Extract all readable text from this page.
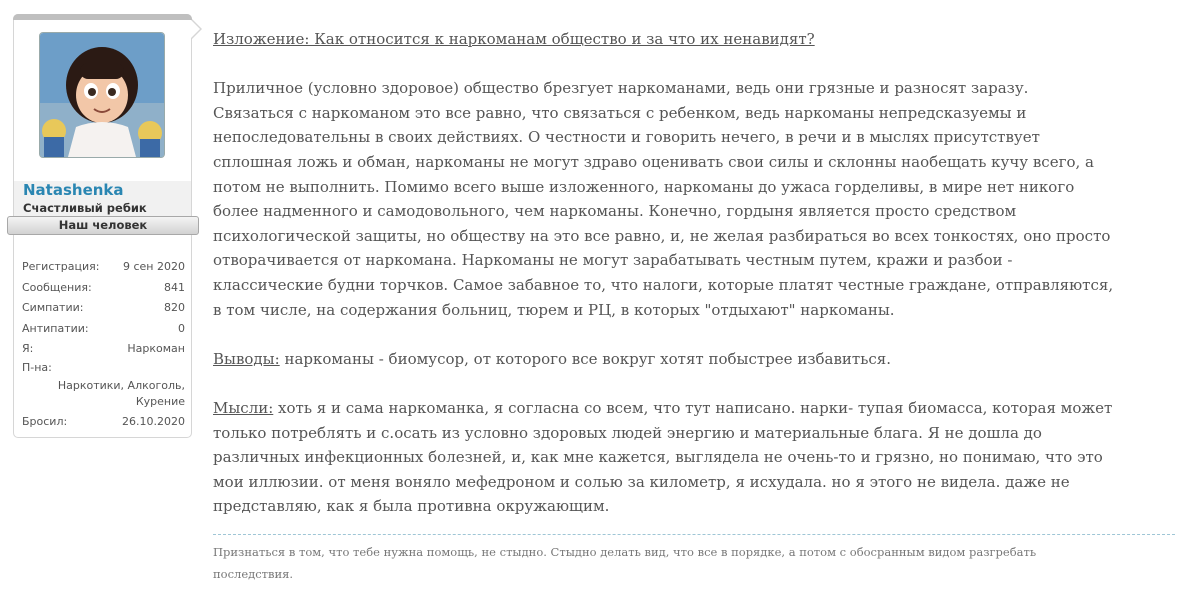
Natashenka
Счастливый ребик
Наш человек
Регистрация: 9 сен 2020
Сообщения:	841
Симпатии:	820
Антипатии:	0
Я:	Наркоман
П-на:
Наркотики, Алкоголь, Курение
Бросил:	26.10.2020

Изложение: Как относится к наркоманам общество и за что их ненавидят?

Приличное (условно здоровое) общество брезгует наркоманами, ведь они грязные и разносят заразу.

Связаться с наркоманом это все равно, что связаться с ребенком, ведь наркоманы непредсказуемы и

непоследовательны в своих действиях. О честности и говорить нечего, в речи и в мыслях присутствует

сплошная ложь и обман, наркоманы не могут здраво оценивать свои силы и склонны наобещать кучу всего, а

потом не выполнить. Помимо всего выше изложенного, наркоманы до ужаса горделивы, в мире нет никого

более надменного и самодовольного, чем наркоманы. Конечно, гордыня является просто средством

психологической защиты, но обществу на это все равно, и, не желая разбираться во всех тонкостях, оно просто

отворачивается от наркомана. Наркоманы не могут зарабатывать честным путем, кражи и разбои -

классические будни торчков. Самое забавное то, что налоги, которые платят честные граждане, отправляются,

в том числе, на содержания больниц, тюрем и РЦ, в которых "отдыхают" наркоманы.

Выводы: наркоманы - биомусор, от которого все вокруг хотят побыстрее избавиться.

Мысли: хоть я и сама наркоманка, я согласна со всем, что тут написано. нарки- тупая биомасса, которая может

только потреблять и с.осать из условно здоровых людей энергию и материальные блага. Я не дошла до

различных инфекционных болезней, и, как мне кажется, выглядела не очень-то и грязно, но понимаю, что это

мои иллюзии. от меня воняло мефедроном и солью за километр, я исхудала. но я этого не видела. даже не

представляю, как я была противна окружающим.

Признаться в том, что тебе нужна помощь, не стыдно. Стыдно делать вид, что все в порядке, а потом с обосранным видом разгребать
последствия.
